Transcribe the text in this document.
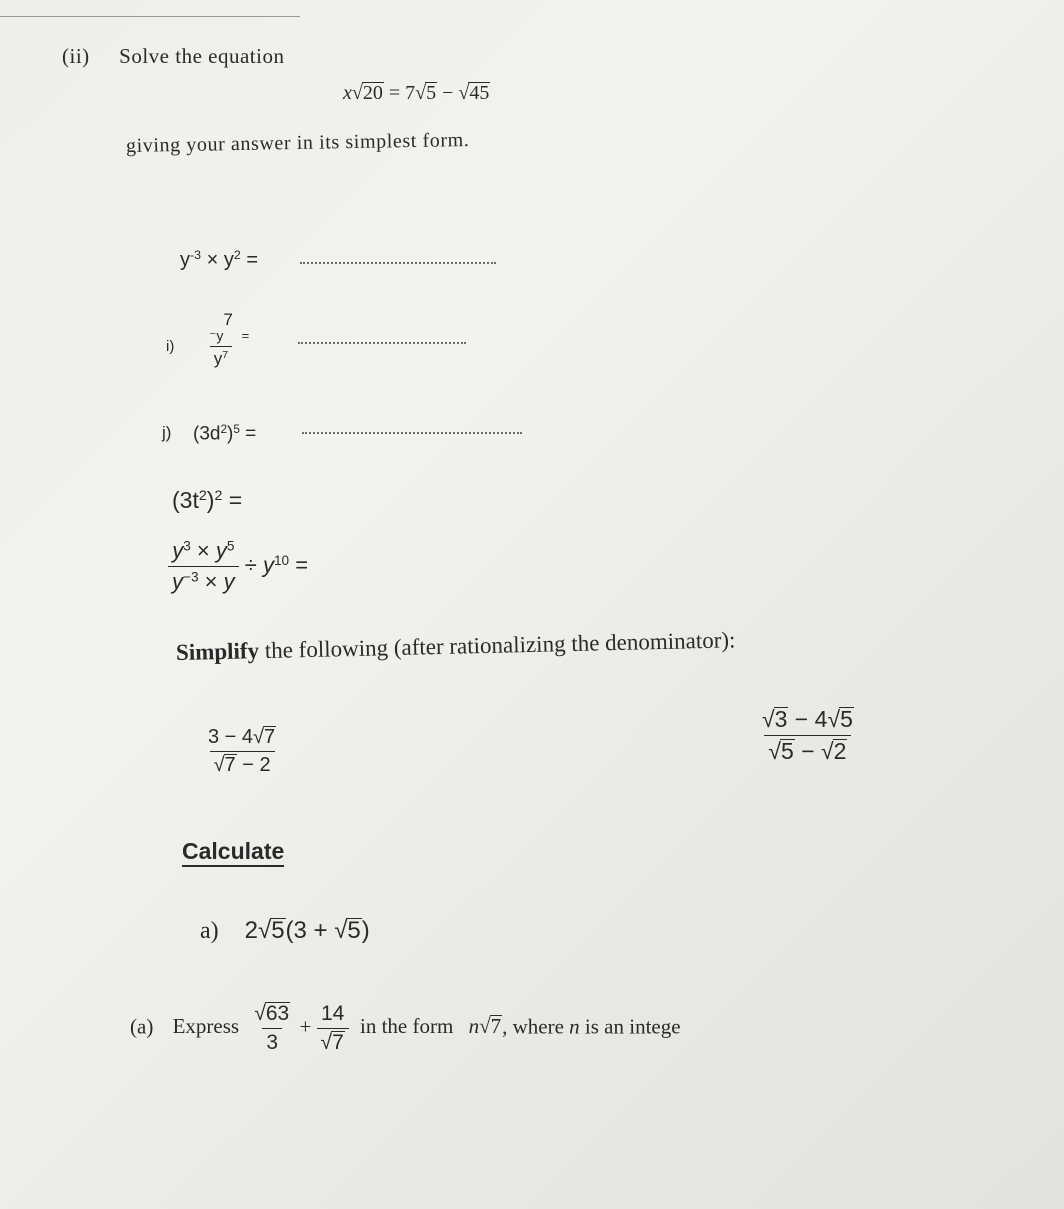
(ii) Solve the equation
x√20 = 7√5 − √45
giving your answer in its simplest form.
$y^{-3} \times y^2$ =
$i) \frac{^-y^7}{y^7} ^=$
j) $(3d^2)^5$ =
$(3t^2)^2$ =
$\frac{y^3 \times y^5}{y^{-3} \times y} \div y^{10}$ =
Simplify the following (after rationalizing the denominator):
$\frac{3 - 4√7}{√7 - 2}$	$\frac{√3 - 4√5}{√5 - √2}$
Calculate
a) 2√5(3 + √5)
(a) Express $\frac{√63}{3} + \frac{14}{√7}$ in the form n√7, where n is an intege
